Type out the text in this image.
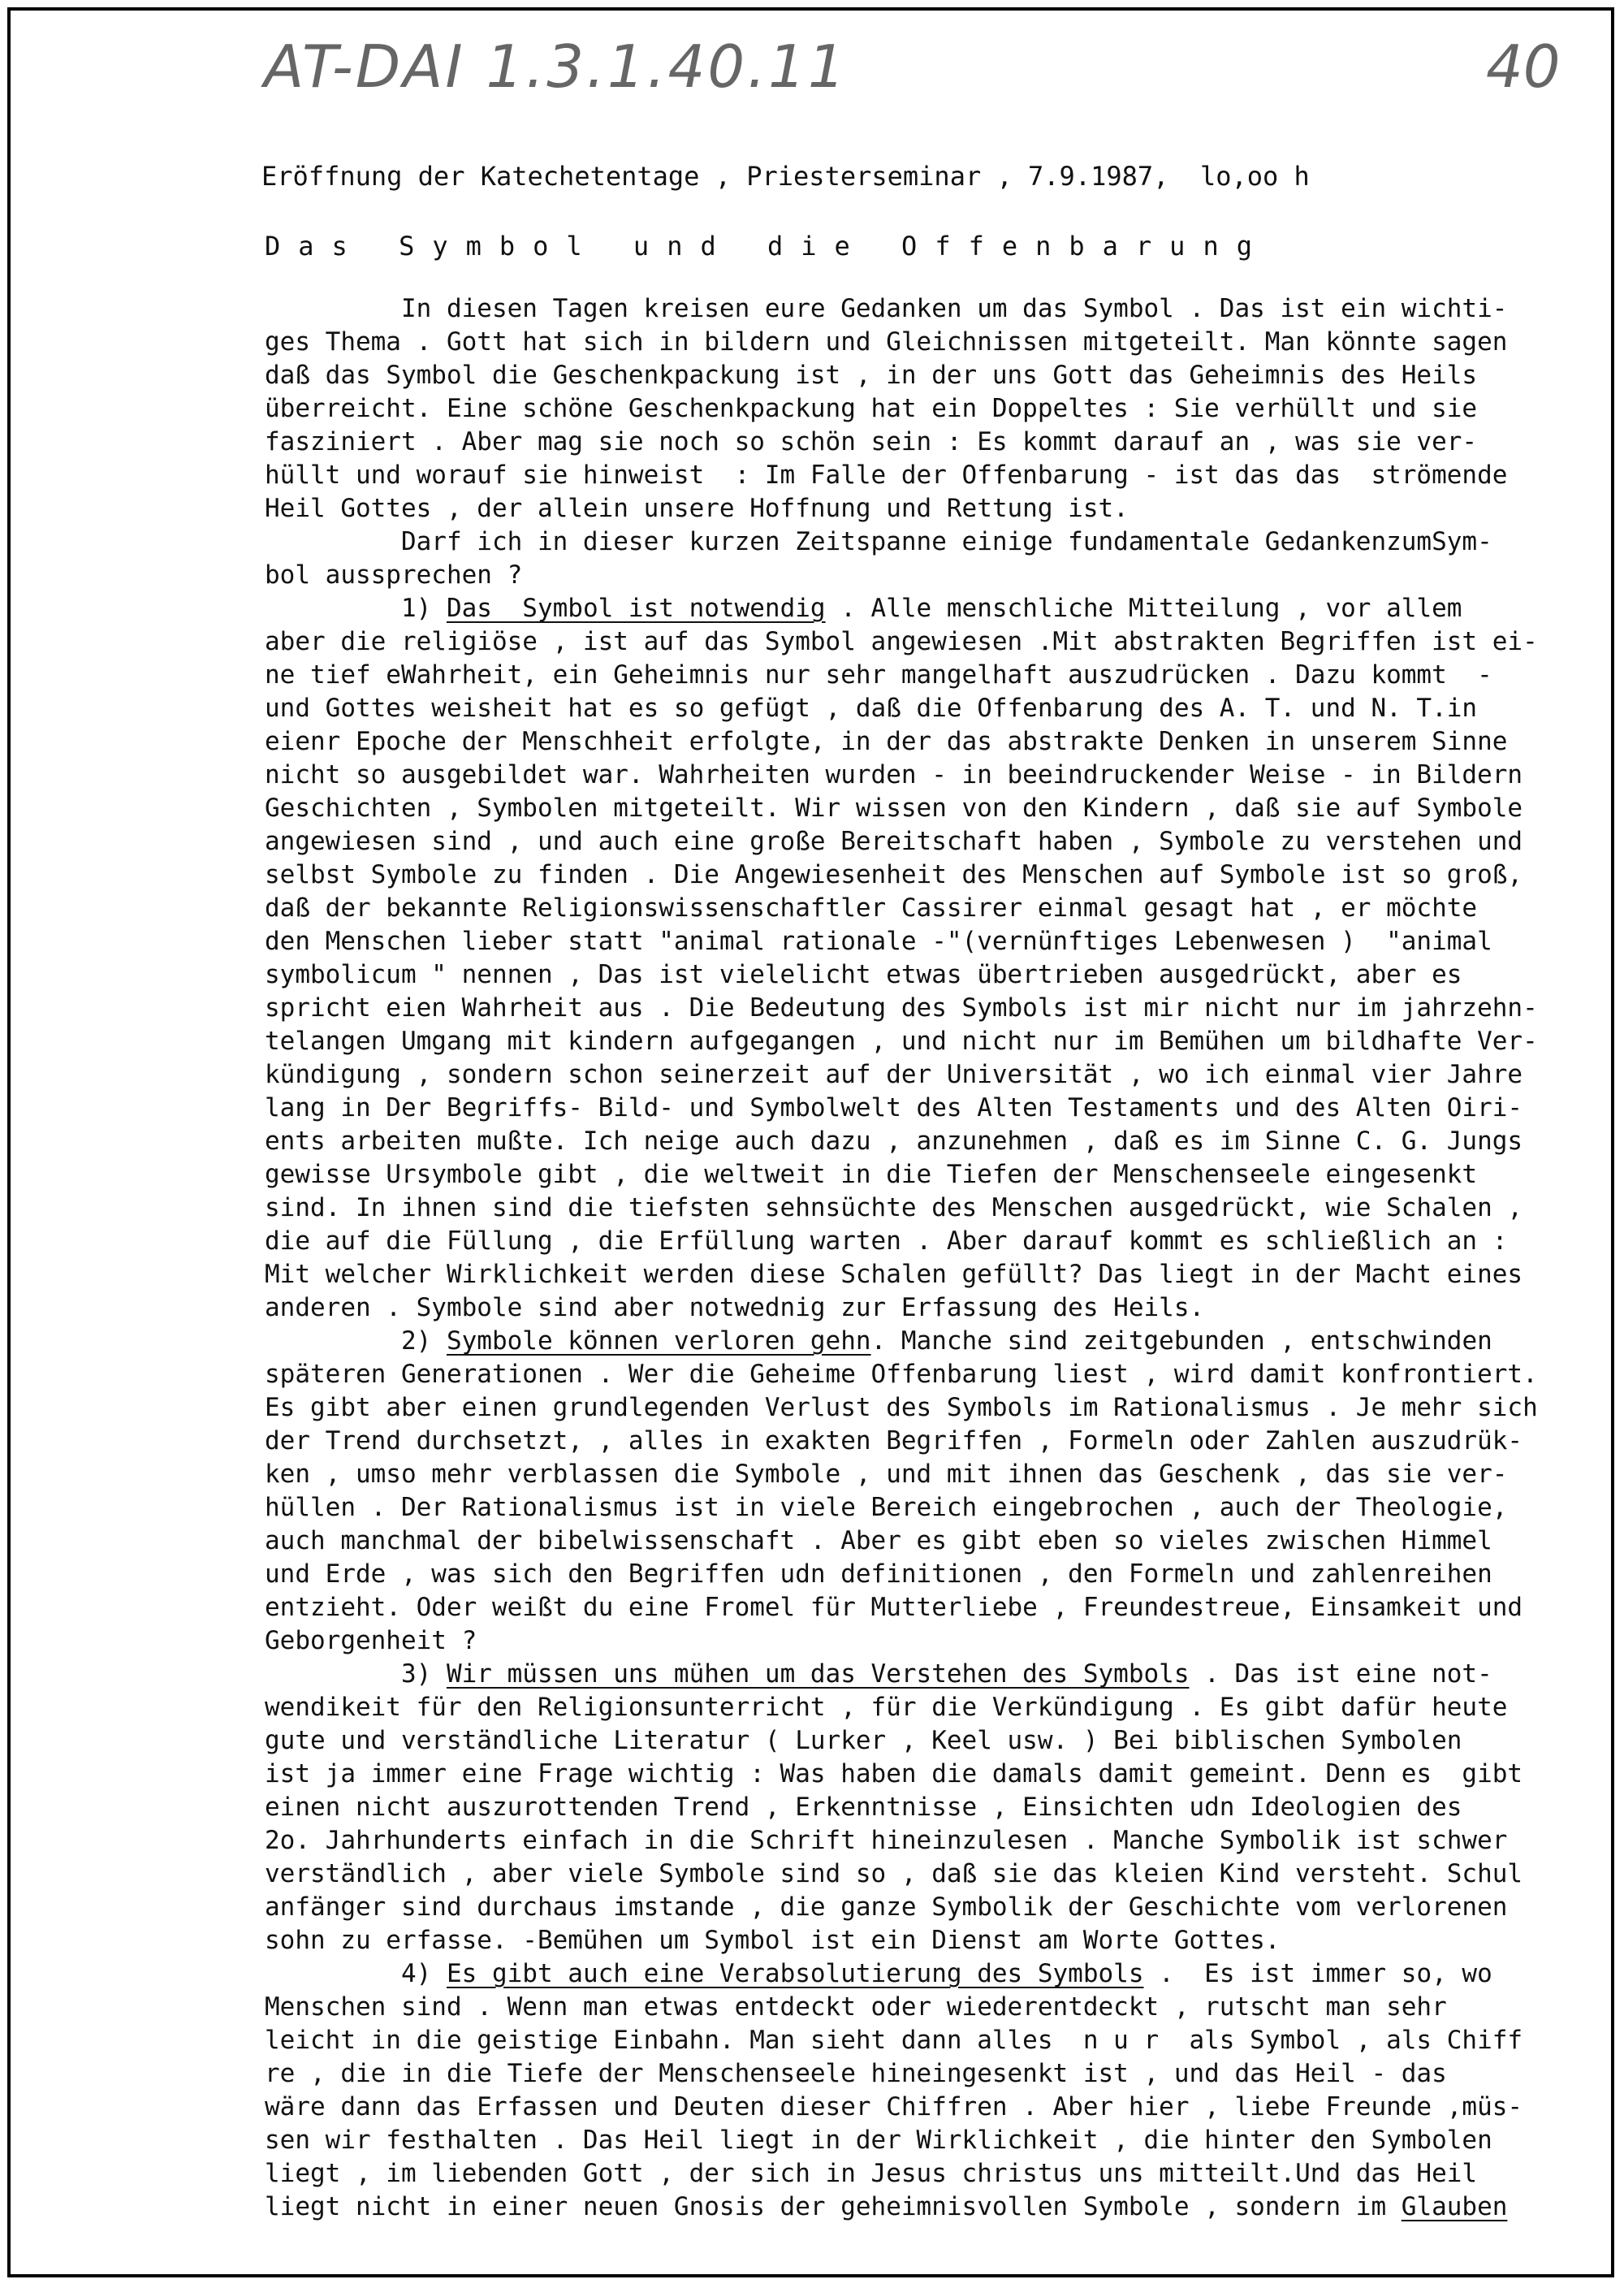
AT-DAI 1.3.1.40.11	40
Eröffnung der Katechetentage , Priesterseminar , 7.9.1987,  lo,oo h
Das Symbol und die Offenbarung
In diesen Tagen kreisen eure Gedanken um das Symbol . Das ist ein wichti-
ges Thema . Gott hat sich in bildern und Gleichnissen mitgeteilt. Man könnte sagen
daß das Symbol die Geschenkpackung ist , in der uns Gott das Geheimnis des Heils
überreicht. Eine schöne Geschenkpackung hat ein Doppeltes : Sie verhüllt und sie
fasziniert . Aber mag sie noch so schön sein : Es kommt darauf an , was sie ver-
hüllt und worauf sie hinweist  : Im Falle der Offenbarung - ist das das  strömende
Heil Gottes , der allein unsere Hoffnung und Rettung ist.
Darf ich in dieser kurzen Zeitspanne einige fundamentale GedankenzumSym-
bol aussprechen ?
1) Das  Symbol ist notwendig . Alle menschliche Mitteilung , vor allem
aber die religiöse , ist auf das Symbol angewiesen .Mit abstrakten Begriffen ist ei-
ne tief eWahrheit, ein Geheimnis nur sehr mangelhaft auszudrücken . Dazu kommt  -
und Gottes weisheit hat es so gefügt , daß die Offenbarung des A. T. und N. T.in
eienr Epoche der Menschheit erfolgte, in der das abstrakte Denken in unserem Sinne
nicht so ausgebildet war. Wahrheiten wurden - in beeindruckender Weise - in Bildern
Geschichten , Symbolen mitgeteilt. Wir wissen von den Kindern , daß sie auf Symbole
angewiesen sind , und auch eine große Bereitschaft haben , Symbole zu verstehen und
selbst Symbole zu finden . Die Angewiesenheit des Menschen auf Symbole ist so groß,
daß der bekannte Religionswissenschaftler Cassirer einmal gesagt hat , er möchte
den Menschen lieber statt "animal rationale -"(vernünftiges Lebenwesen )  "animal
symbolicum " nennen , Das ist vielelicht etwas übertrieben ausgedrückt, aber es
spricht eien Wahrheit aus . Die Bedeutung des Symbols ist mir nicht nur im jahrzehn-
telangen Umgang mit kindern aufgegangen , und nicht nur im Bemühen um bildhafte Ver-
kündigung , sondern schon seinerzeit auf der Universität , wo ich einmal vier Jahre
lang in Der Begriffs- Bild- und Symbolwelt des Alten Testaments und des Alten Oiri-
ents arbeiten mußte. Ich neige auch dazu , anzunehmen , daß es im Sinne C. G. Jungs
gewisse Ursymbole gibt , die weltweit in die Tiefen der Menschenseele eingesenkt
sind. In ihnen sind die tiefsten sehnsüchte des Menschen ausgedrückt, wie Schalen ,
die auf die Füllung , die Erfüllung warten . Aber darauf kommt es schließlich an :
Mit welcher Wirklichkeit werden diese Schalen gefüllt? Das liegt in der Macht eines
anderen . Symbole sind aber notwednig zur Erfassung des Heils.
2) Symbole können verloren gehn. Manche sind zeitgebunden , entschwinden
späteren Generationen . Wer die Geheime Offenbarung liest , wird damit konfrontiert.
Es gibt aber einen grundlegenden Verlust des Symbols im Rationalismus . Je mehr sich
der Trend durchsetzt, , alles in exakten Begriffen , Formeln oder Zahlen auszudrük-
ken , umso mehr verblassen die Symbole , und mit ihnen das Geschenk , das sie ver-
hüllen . Der Rationalismus ist in viele Bereich eingebrochen , auch der Theologie,
auch manchmal der bibelwissenschaft . Aber es gibt eben so vieles zwischen Himmel
und Erde , was sich den Begriffen udn definitionen , den Formeln und zahlenreihen
entzieht. Oder weißt du eine Fromel für Mutterliebe , Freundestreue, Einsamkeit und
Geborgenheit ?
3) Wir müssen uns mühen um das Verstehen des Symbols . Das ist eine not-
wendikeit für den Religionsunterricht , für die Verkündigung . Es gibt dafür heute
gute und verständliche Literatur ( Lurker , Keel usw. ) Bei biblischen Symbolen
ist ja immer eine Frage wichtig : Was haben die damals damit gemeint. Denn es  gibt
einen nicht auszurottenden Trend , Erkenntnisse , Einsichten udn Ideologien des
2o. Jahrhunderts einfach in die Schrift hineinzulesen . Manche Symbolik ist schwer
verständlich , aber viele Symbole sind so , daß sie das kleien Kind versteht. Schul
anfänger sind durchaus imstande , die ganze Symbolik der Geschichte vom verlorenen
sohn zu erfasse. -Bemühen um Symbol ist ein Dienst am Worte Gottes.
4) Es gibt auch eine Verabsolutierung des Symbols .  Es ist immer so, wo
Menschen sind . Wenn man etwas entdeckt oder wiederentdeckt , rutscht man sehr
leicht in die geistige Einbahn. Man sieht dann alles  n u r  als Symbol , als Chiff
re , die in die Tiefe der Menschenseele hineingesenkt ist , und das Heil - das
wäre dann das Erfassen und Deuten dieser Chiffren . Aber hier , liebe Freunde ,müs-
sen wir festhalten . Das Heil liegt in der Wirklichkeit , die hinter den Symbolen
liegt , im liebenden Gott , der sich in Jesus christus uns mitteilt.Und das Heil
liegt nicht in einer neuen Gnosis der geheimnisvollen Symbole , sondern im Glauben
